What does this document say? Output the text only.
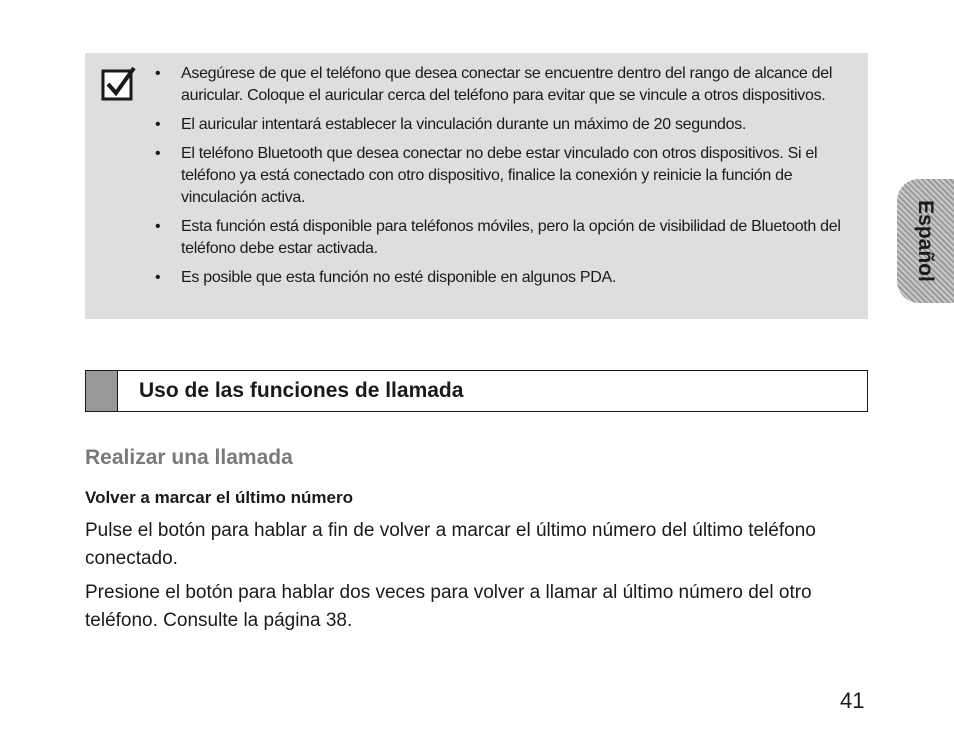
• Asegúrese de que el teléfono que desea conectar se encuentre dentro del rango de alcance del auricular. Coloque el auricular cerca del teléfono para evitar que se vincule a otros dispositivos.
• El auricular intentará establecer la vinculación durante un máximo de 20 segundos.
• El teléfono Bluetooth que desea conectar no debe estar vinculado con otros dispositivos. Si el teléfono ya está conectado con otro dispositivo, finalice la conexión y reinicie la función de vinculación activa.
• Esta función está disponible para teléfonos móviles, pero la opción de visibilidad de Bluetooth del teléfono debe estar activada.
• Es posible que esta función no esté disponible en algunos PDA.
Uso de las funciones de llamada
Español
Realizar una llamada
Volver a marcar el último número

Pulse el botón para hablar a fin de volver a marcar el último número del último teléfono conectado.

Presione el botón para hablar dos veces para volver a llamar al último número del otro teléfono. Consulte la página 38.

41
